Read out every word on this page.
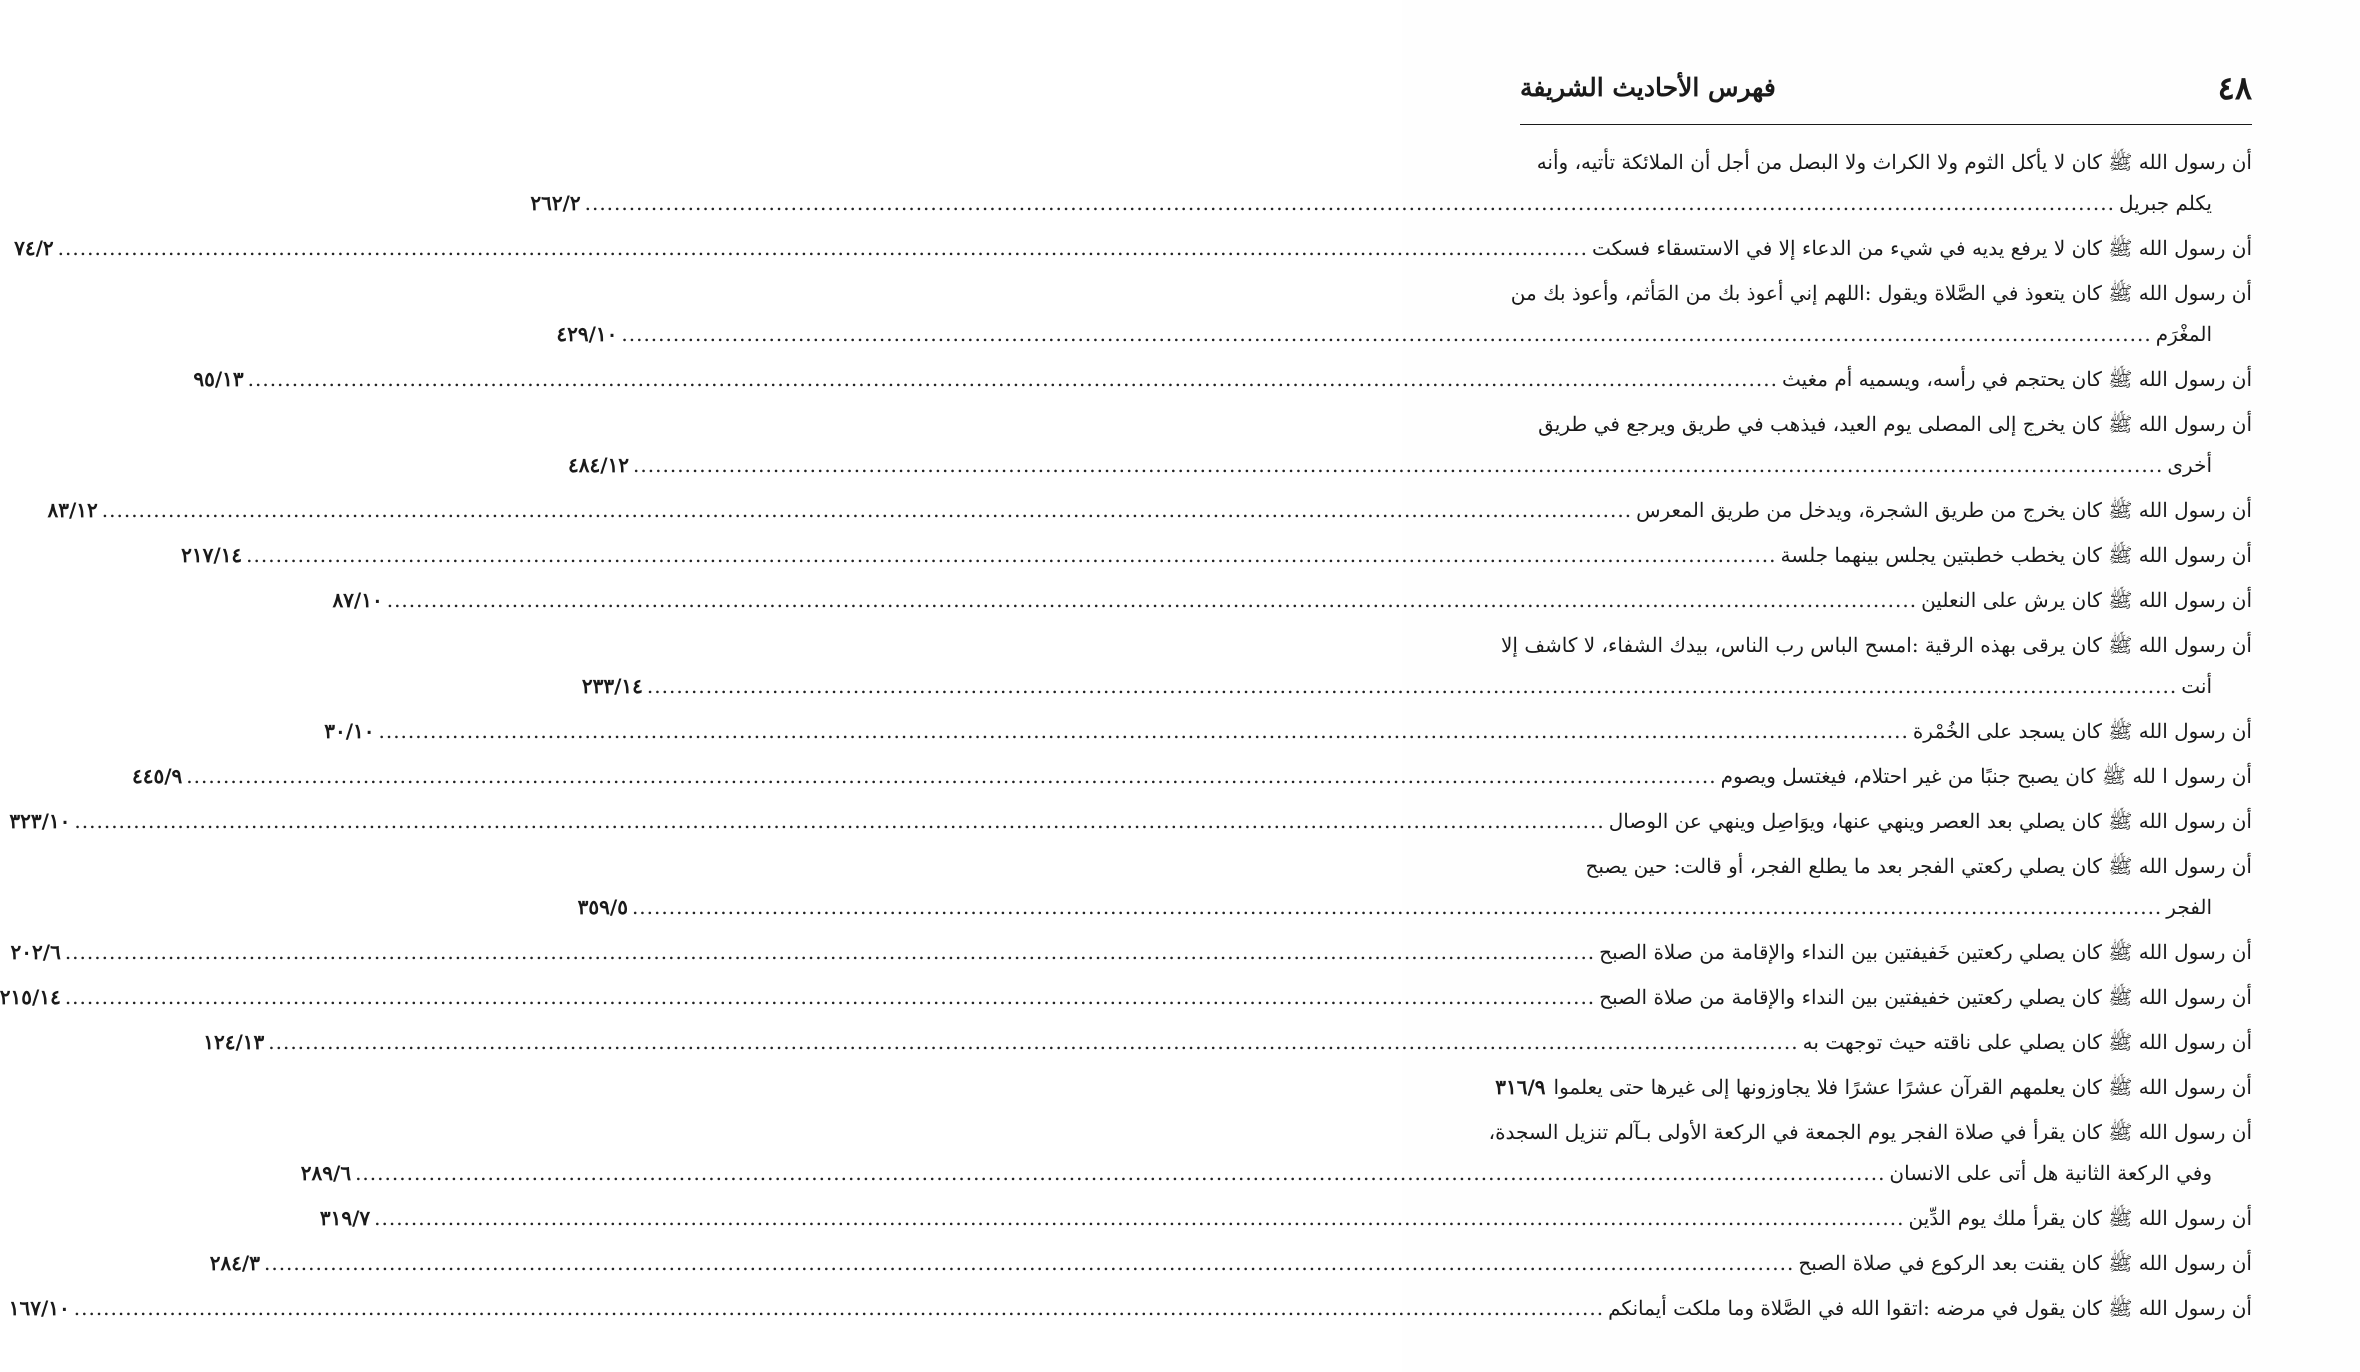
٤٨
فهرس الأحاديث الشريفة
أن رسول الله ﷺ كان لا يأكل الثوم ولا الكراث ولا البصل من أجل أن الملائكة تأتيه، وأنه
يكلم جبريل
.....
٢٦٢/٢
أن رسول الله ﷺ كان لا يرفع يديه في شيء من الدعاء إلا في الاستسقاء فسكت
.....
٧٤/٢
أن رسول الله ﷺ كان يتعوذ في الصَّلاة ويقول :اللهم إني أعوذ بك من المَأثم، وأعوذ بك من
المغْرَم
.....
٤٢٩/١٠
أن رسول الله ﷺ كان يحتجم في رأسه، ويسميه أم مغيث
.....
٩٥/١٣
أن رسول الله ﷺ كان يخرج إلى المصلى يوم العيد، فيذهب في طريق ويرجع في طريق
أخرى
.....
٤٨٤/١٢
أن رسول الله ﷺ كان يخرج من طريق الشجرة، ويدخل من طريق المعرس
.....
٨٣/١٢
أن رسول الله ﷺ كان يخطب خطبتين يجلس بينهما جلسة
.....
٢١٧/١٤
أن رسول الله ﷺ كان يرش على النعلين
.....
٨٧/١٠
أن رسول الله ﷺ كان يرقى بهذه الرقية :امسح الباس رب الناس، بيدك الشفاء، لا كاشف إلا
أنت
.....
٢٣٣/١٤
أن رسول الله ﷺ كان يسجد على الخُمْرة
.....
٣٠/١٠
أن رسول ا لله ﷺ كان يصبح جنبًا من غير احتلام، فيغتسل ويصوم
.....
٤٤٥/٩
أن رسول الله ﷺ كان يصلي بعد العصر وينهي عنها، ويوَاصِل وينهي عن الوصال
.....
٣٢٣/١٠
أن رسول الله ﷺ كان يصلي ركعتي الفجر بعد ما يطلع الفجر، أو قالت: حين يصبح
الفجر
.....
٣٥٩/٥
أن رسول الله ﷺ كان يصلي ركعتين خَفيفتين بين النداء والإقامة من صلاة الصبح
.....
٢٠٢/٦
أن رسول الله ﷺ كان يصلي ركعتين خفيفتين بين النداء والإقامة من صلاة الصبح
.....
٢١٥/١٤
أن رسول الله ﷺ كان يصلي على ناقته حيث توجهت به
.....
١٢٤/١٣
أن رسول الله ﷺ كان يعلمهم القرآن عشرًا عشرًا فلا يجاوزونها إلى غيرها حتى يعلموا
٣١٦/٩
أن رسول الله ﷺ كان يقرأ في صلاة الفجر يوم الجمعة في الركعة الأولى بـآلم تنزيل السجدة،
وفي الركعة الثانية هل أتى على الانسان
.....
٢٨٩/٦
أن رسول الله ﷺ كان يقرأ ملك يوم الدِّين
.....
٣١٩/٧
أن رسول الله ﷺ كان يقنت بعد الركوع في صلاة الصبح
.....
٢٨٤/٣
أن رسول الله ﷺ كان يقول في مرضه :اتقوا الله في الصَّلاة وما ملكت أيمانكم
.....
١٦٧/١٠
